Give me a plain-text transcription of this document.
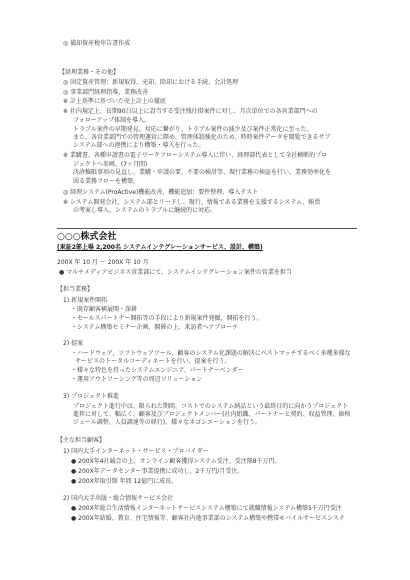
◎ 備却資産税申告書作成
【経理業務・その他】
◎ 固定資産管理：新規取得、売却、除却における手続、会計処理
◎ 事業部門経理指導、業務改善
※ 計上基準に基づいた売上計上の徹底
※ 社内規定上、長期90日以上に設当する受注残仕掛案件に対し、月次単位での各営業部門への
フォローアップ体制を導入。
トラブル案件の早期発見、対応に繋がり、トラブル案件の減少及び案件正常化に至った。
また、各営業部門での管理運営に際め、管理体制強化のため、時時案件データを閲覧できるサブ
システム部への連携により構築・導入を行った。
※ 業購書、各種申請書の電子ワークフローシステム導入に伴い、経理部代表として全社横断的プロ
ジェクトへ参画、(7ヶ月間)
決済権限事項の見直し、業購・申請の要、不要の検討等、現行業務の検証を行い、業務効率化を
図る業務フローを構築。
◎ 経理システム(ProActive)機能改善、機能追加：要件整理、導入テスト
※ システム開発会社、システム部とリードし、現行、情報である業務を支援するシステム、帳票
の考案し導入、システムのトラブルに継続的に対応。
○○○株式会社
(東証2部上場 2,200名 システムインテグレーションサービス、設計、構築)
200X 年 10 月 ～ 200X 年 10 月
● マルチメディアビジネス営業部にて、システムインテグレーション案件の営業を担当
【担当業務】
1) 新規案件開拓
・既存顧客横展開・深耕
・セールスパートナー開拓等の手段により新規案件発掘、開拓を行う。
・システム構築セミナー企画、開催の上、来訪者へアプローチ
2) 提案
・ハードウェア、ソフトウェアツール、顧客のシステム化課題の解決にベストマッチするべく多種多様な
サービスのトータルコーディネートを行い、提案を行う。
・様々な特色を持ったシステムエンジニア、パートナーベンダー
・運用アウトソーシング等の周辺ソリューション
3) プロジェクト推進
プロジェクト進行中は、限られた期間、コストでのシステム納品という最終目的に向かうプロジェクト
進捗に対して、幅広く、顧客及びプロジェクトメンバー(社内組織、パートナーと契約、収益管理、価格
ジュール調整、人員調達等の経行)、様々なネゴシエーションを行う。
【主な担当顧客】
1) 国内大手インターネット・サービス・プロバイダー
● 200X年4社競合の上、オンライン顧客獲得システム受注、受注額8千万円。
● 200X年データセンター事業提携に成功し、2千万円/月受注。
● 200X年取引額 年間 12億円に成長。
2) 国内大手出版・総合情報サービス会社
● 200X年総合生活情報インターネットサービスシステム構築にて就職情報システム構築5千万円受注
● 200X年結婚、教育、住宅情報等、顧客社内他事業部のシステム構築や携帯モバイルサービスシステ
